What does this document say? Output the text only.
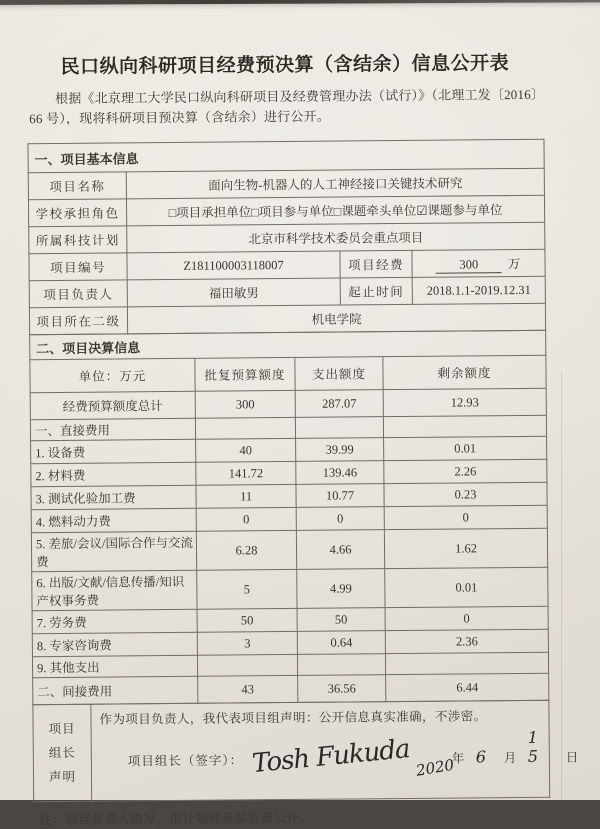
民口纵向科研项目经费预决算（含结余）信息公开表

根据《北京理工大学民口纵向科研项目及经费管理办法（试行）》（北理工发〔2016〕66 号），现将科研项目预决算（含结余）进行公开。

一、项目基本信息			
项目名称	面向生物-机器人的人工神经接口关键技术研究		
学校承担角色	□项目承担单位□项目参与单位□课题牵头单位☑课题参与单位		
所属科技计划	北京市科学技术委员会重点项目		
项目编号	Z181100003118007	项目经费	300 万
项目负责人	福田敏男	起止时间	2018.1.1-2019.12.31
项目所在二级	机电学院		
二、项目决算信息			
单位：万元	批复预算额度	支出额度	剩余额度
经费预算额度总计	300	287.07	12.93
一、直接费用			
1. 设备费	40	39.99	0.01
2. 材料费	141.72	139.46	2.26
3. 测试化验加工费	11	10.77	0.23
4. 燃料动力费	0	0	0
5. 差旅/会议/国际合作与交流费	6.28	4.66	1.62
6. 出版/文献/信息传播/知识产权事务费	5	4.99	0.01
7. 劳务费	50	50	0
8. 专家咨询费	3	0.64	2.36
9. 其他支出			
二、间接费用	43	36.56	6.44
项目
组长
声明

作为项目负责人，我代表项目组声明：公开信息真实准确，不涉密。
项目组长（签字）： Tosh Fukuda 2020
年 6 月
15 日

注：项目负责人填写，由计划财务部负责公开。
